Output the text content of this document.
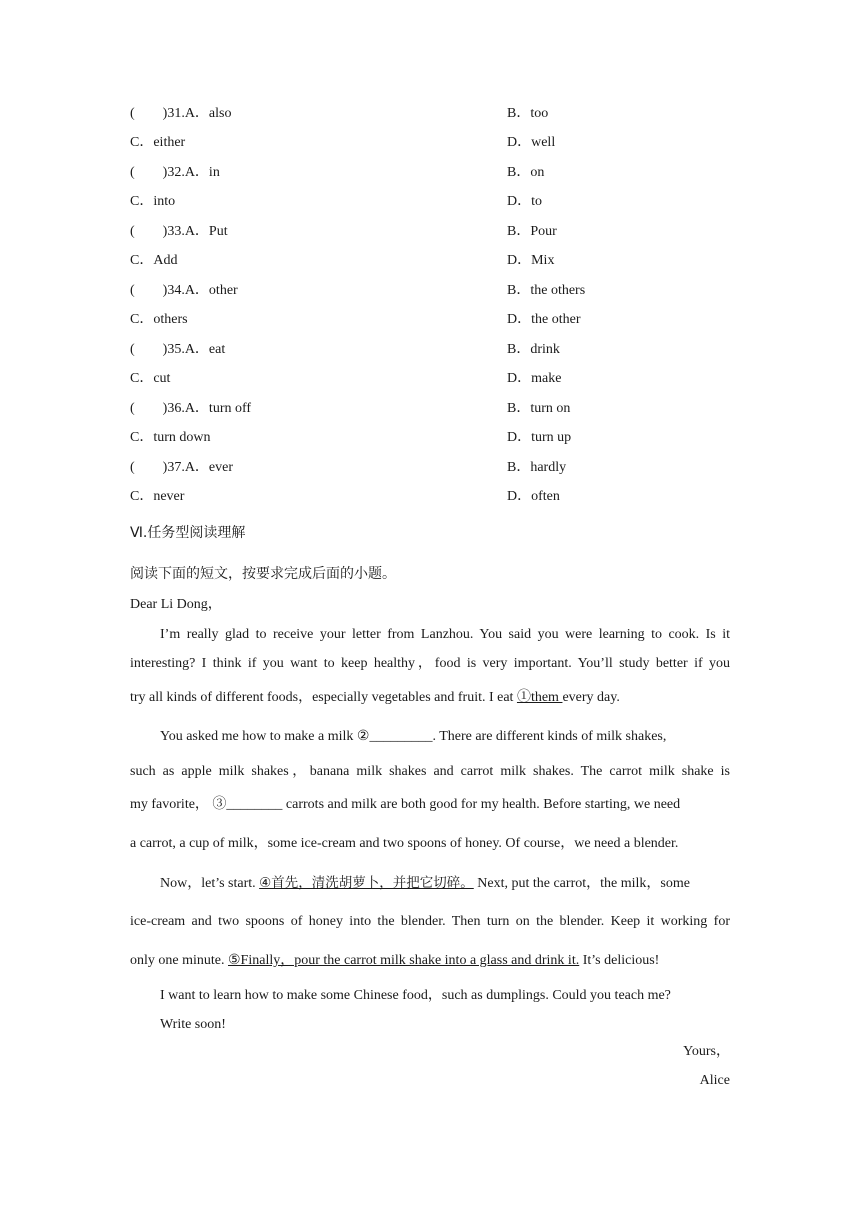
(　　)31.A．also	B．too
C．either	D．well
(　　)32.A．in	B．on
C．into	D．to
(　　)33.A．Put	B．Pour
C．Add	D．Mix
(　　)34.A．other	B．the others
C．others	D．the other
(　　)35.A．eat	B．drink
C．cut	D．make
(　　)36.A．turn off	B．turn on
C．turn down	D．turn up
(　　)37.A．ever	B．hardly
C．never	D．often
Ⅵ.任务型阅读理解
阅读下面的短文，按要求完成后面的小题。
Dear Li Dong，
I’m really glad to receive your letter from Lanzhou. You said you were learning to cook. Is it
interesting? I think if you want to keep healthy，food is very important. You’ll study better if you
try all kinds of different foods，especially vegetables and fruit. I eat ①them every day.
You asked me how to make a milk ②_________. There are different kinds of milk shakes,
such as apple milk shakes，banana milk shakes and carrot milk shakes. The carrot milk shake is
my favorite， ③________ carrots and milk are both good for my health. Before starting, we need
a carrot, a cup of milk，some ice-cream and two spoons of honey. Of course，we need a blender.
Now，let’s start. ④首先，清洗胡萝卜，并把它切碎。 Next, put the carrot，the milk，some
ice-cream and two spoons of honey into the blender. Then turn on the blender. Keep it working for
only one minute. ⑤Finally，pour the carrot milk shake into a glass and drink it. It’s delicious!
I want to learn how to make some Chinese food，such as dumplings. Could you teach me?
Write soon!
Yours，
Alice
